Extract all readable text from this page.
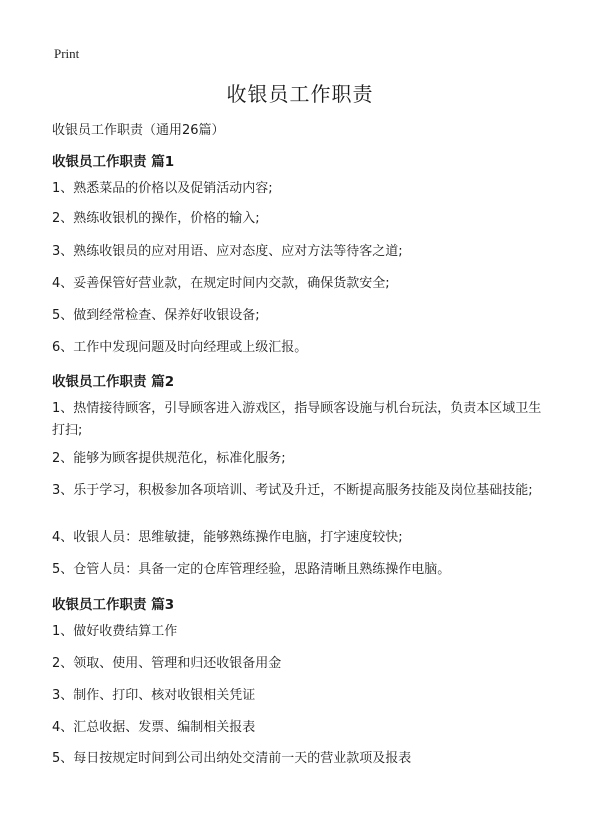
Print
收银员工作职责

收银员工作职责（通用26篇）

收银员工作职责 篇1

1、熟悉菜品的价格以及促销活动内容;

2、熟练收银机的操作，价格的输入;

3、熟练收银员的应对用语、应对态度、应对方法等待客之道;

4、妥善保管好营业款，在规定时间内交款，确保货款安全;

5、做到经常检查、保养好收银设备;

6、工作中发现问题及时向经理或上级汇报。

收银员工作职责 篇2

1、热情接待顾客，引导顾客进入游戏区，指导顾客设施与机台玩法，负责本区域卫生打扫;

2、能够为顾客提供规范化，标准化服务;

3、乐于学习，积极参加各项培训、考试及升迁，不断提高服务技能及岗位基础技能;

4、收银人员：思维敏捷，能够熟练操作电脑，打字速度较快;

5、仓管人员：具备一定的仓库管理经验，思路清晰且熟练操作电脑。

收银员工作职责 篇3

1、做好收费结算工作

2、领取、使用、管理和归还收银备用金

3、制作、打印、核对收银相关凭证

4、汇总收据、发票、编制相关报表

5、每日按规定时间到公司出纳处交清前一天的营业款项及报表
